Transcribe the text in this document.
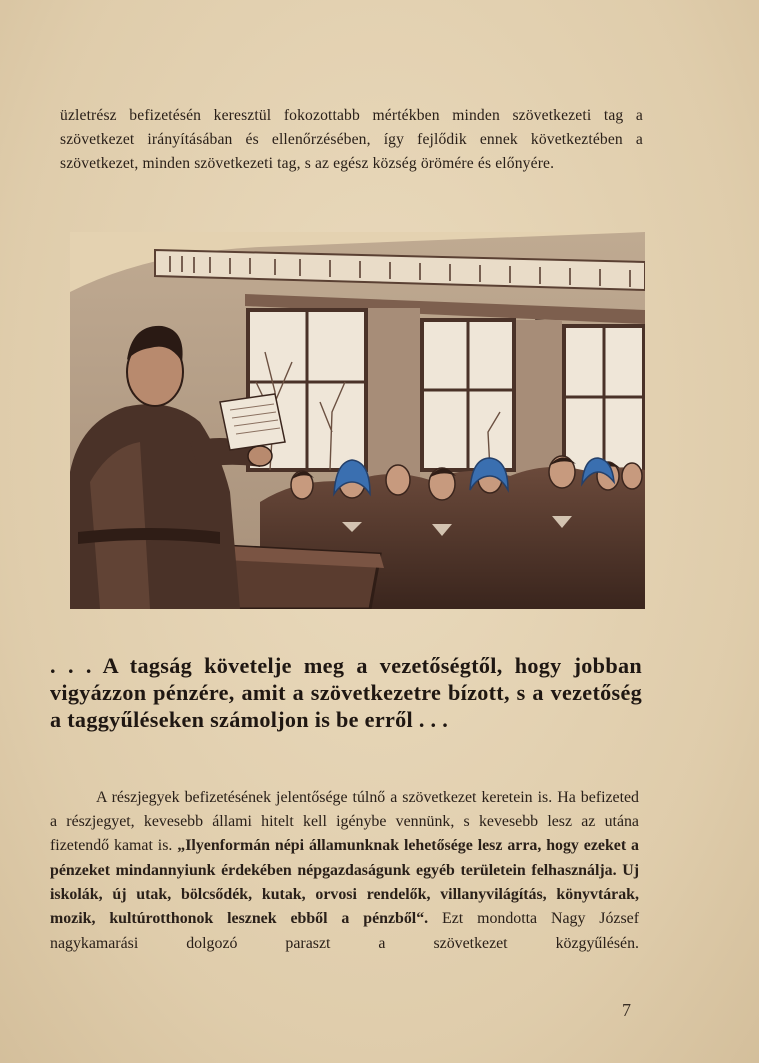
üzletrész befizetésén keresztül fokozottabb mértékben minden szövetkezeti tag a szövetkezet irányításában és ellenőrzésében, így fejlődik ennek következtében a szövetkezet, minden szövetkezeti tag, s az egész község örömére és előnyére.

. . . A tagság követelje meg a vezetőségtől, hogy jobban vigyázzon pénzére, amit a szövetkezetre bízott, s a vezetőség a taggyűléseken számoljon is be erről . . .

A részjegyek befizetésének jelentősége túlnő a szövetkezet keretein is. Ha befizeted a részjegyet, kevesebb állami hitelt kell igénybe vennünk, s kevesebb lesz az utána fizetendő kamat is. „Ilyenformán népi államunknak lehetősége lesz arra, hogy ezeket a pénzeket mindannyiunk érdekében népgazdaságunk egyéb területein felhasználja. Uj iskolák, új utak, bölcsődék, kutak, orvosi rendelők, villanyvilágítás, könyvtárak, mozik, kultúrotthonok lesznek ebből a pénzből“. Ezt mondotta Nagy József nagykamarási dolgozó paraszt a szövetkezet közgyűlésén.

7
